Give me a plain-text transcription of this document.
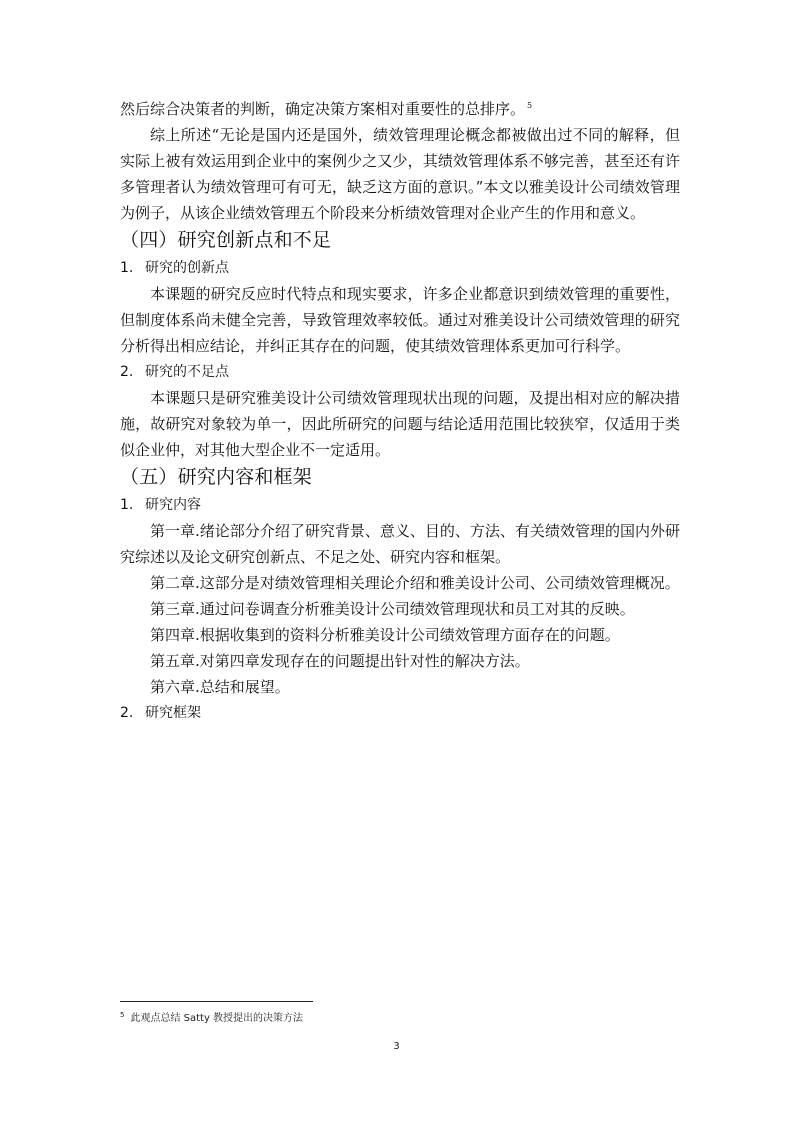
然后综合决策者的判断，确定决策方案相对重要性的总排序。 $^5$

综上所述“无论是国内还是国外，绩效管理理论概念都被做出过不同的解释，但实际上被有效运用到企业中的案例少之又少，其绩效管理体系不够完善，甚至还有许多管理者认为绩效管理可有可无，缺乏这方面的意识。”本文以雅美设计公司绩效管理为例子，从该企业绩效管理五个阶段来分析绩效管理对企业产生的作用和意义。

（四）研究创新点和不足
1. 研究的创新点

本课题的研究反应时代特点和现实要求，许多企业都意识到绩效管理的重要性，但制度体系尚未健全完善，导致管理效率较低。通过对雅美设计公司绩效管理的研究分析得出相应结论，并纠正其存在的问题，使其绩效管理体系更加可行科学。

2. 研究的不足点

本课题只是研究雅美设计公司绩效管理现状出现的问题，及提出相对应的解决措施，故研究对象较为单一，因此所研究的问题与结论适用范围比较狭窄，仅适用于类似企业仲，对其他大型企业不一定适用。

（五）研究内容和框架
1. 研究内容

第一章.绪论部分介绍了研究背景、意义、目的、方法、有关绩效管理的国内外研究综述以及论文研究创新点、不足之处、研究内容和框架。

第二章.这部分是对绩效管理相关理论介绍和雅美设计公司、公司绩效管理概况。

第三章.通过问卷调查分析雅美设计公司绩效管理现状和员工对其的反映。

第四章.根据收集到的资料分析雅美设计公司绩效管理方面存在的问题。

第五章.对第四章发现存在的问题提出针对性的解决方法。

第六章.总结和展望。

2. 研究框架
$^5$ 此观点总结 Satty 教授提出的决策方法
3
